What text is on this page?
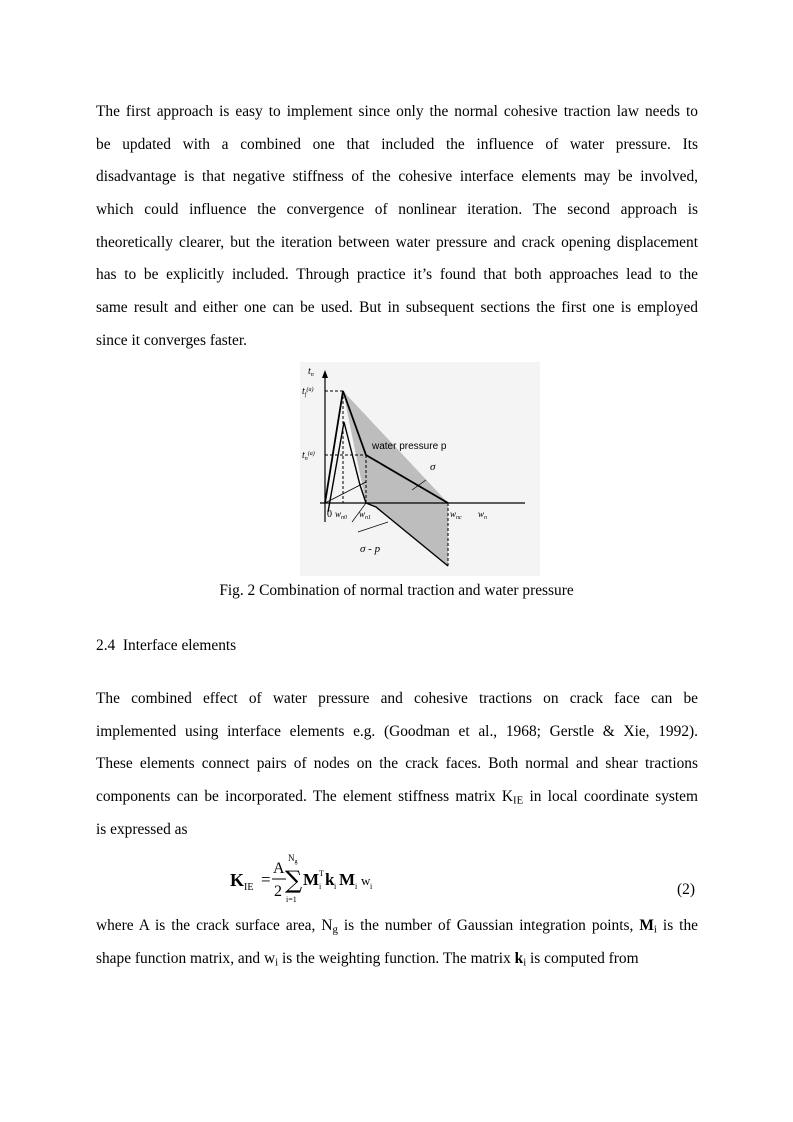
The first approach is easy to implement since only the normal cohesive traction law needs to
be updated with a combined one that included the influence of water pressure. Its
disadvantage is that negative stiffness of the cohesive interface elements may be involved,
which could influence the convergence of nonlinear iteration. The second approach is
theoretically clearer, but the iteration between water pressure and crack opening displacement
has to be explicitly included. Through practice it’s found that both approaches lead to the
same result and either one can be used. But in subsequent sections the first one is employed
since it converges faster.
$t_n$
$t_f^{(a)}$
$t_n^{(a)}$
water pressure p
σ
0 $w_{n0}$ $w_{n1}$	$w_{nc}$ $w_n$
σ - p
Fig. 2 Combination of normal traction and water pressure
2.4  Interface elements
The combined effect of water pressure and cohesive tractions on crack face can be
implemented using interface elements e.g. (Goodman et al., 1968; Gerstle & Xie, 1992).
These elements connect pairs of nodes on the crack faces. Both normal and shear tractions
components can be incorporated. The element stiffness matrix $K_{IE}$ in local coordinate system
is expressed as
K IE =
A
2
$N_g$
∑
i=1
M T
i k i M i w i	(2)
where A is the crack surface area, $N_g$ is the number of Gaussian integration points, $M_i$ is the
shape function matrix, and $w_i$ is the weighting function. The matrix $k_i$ is computed from
